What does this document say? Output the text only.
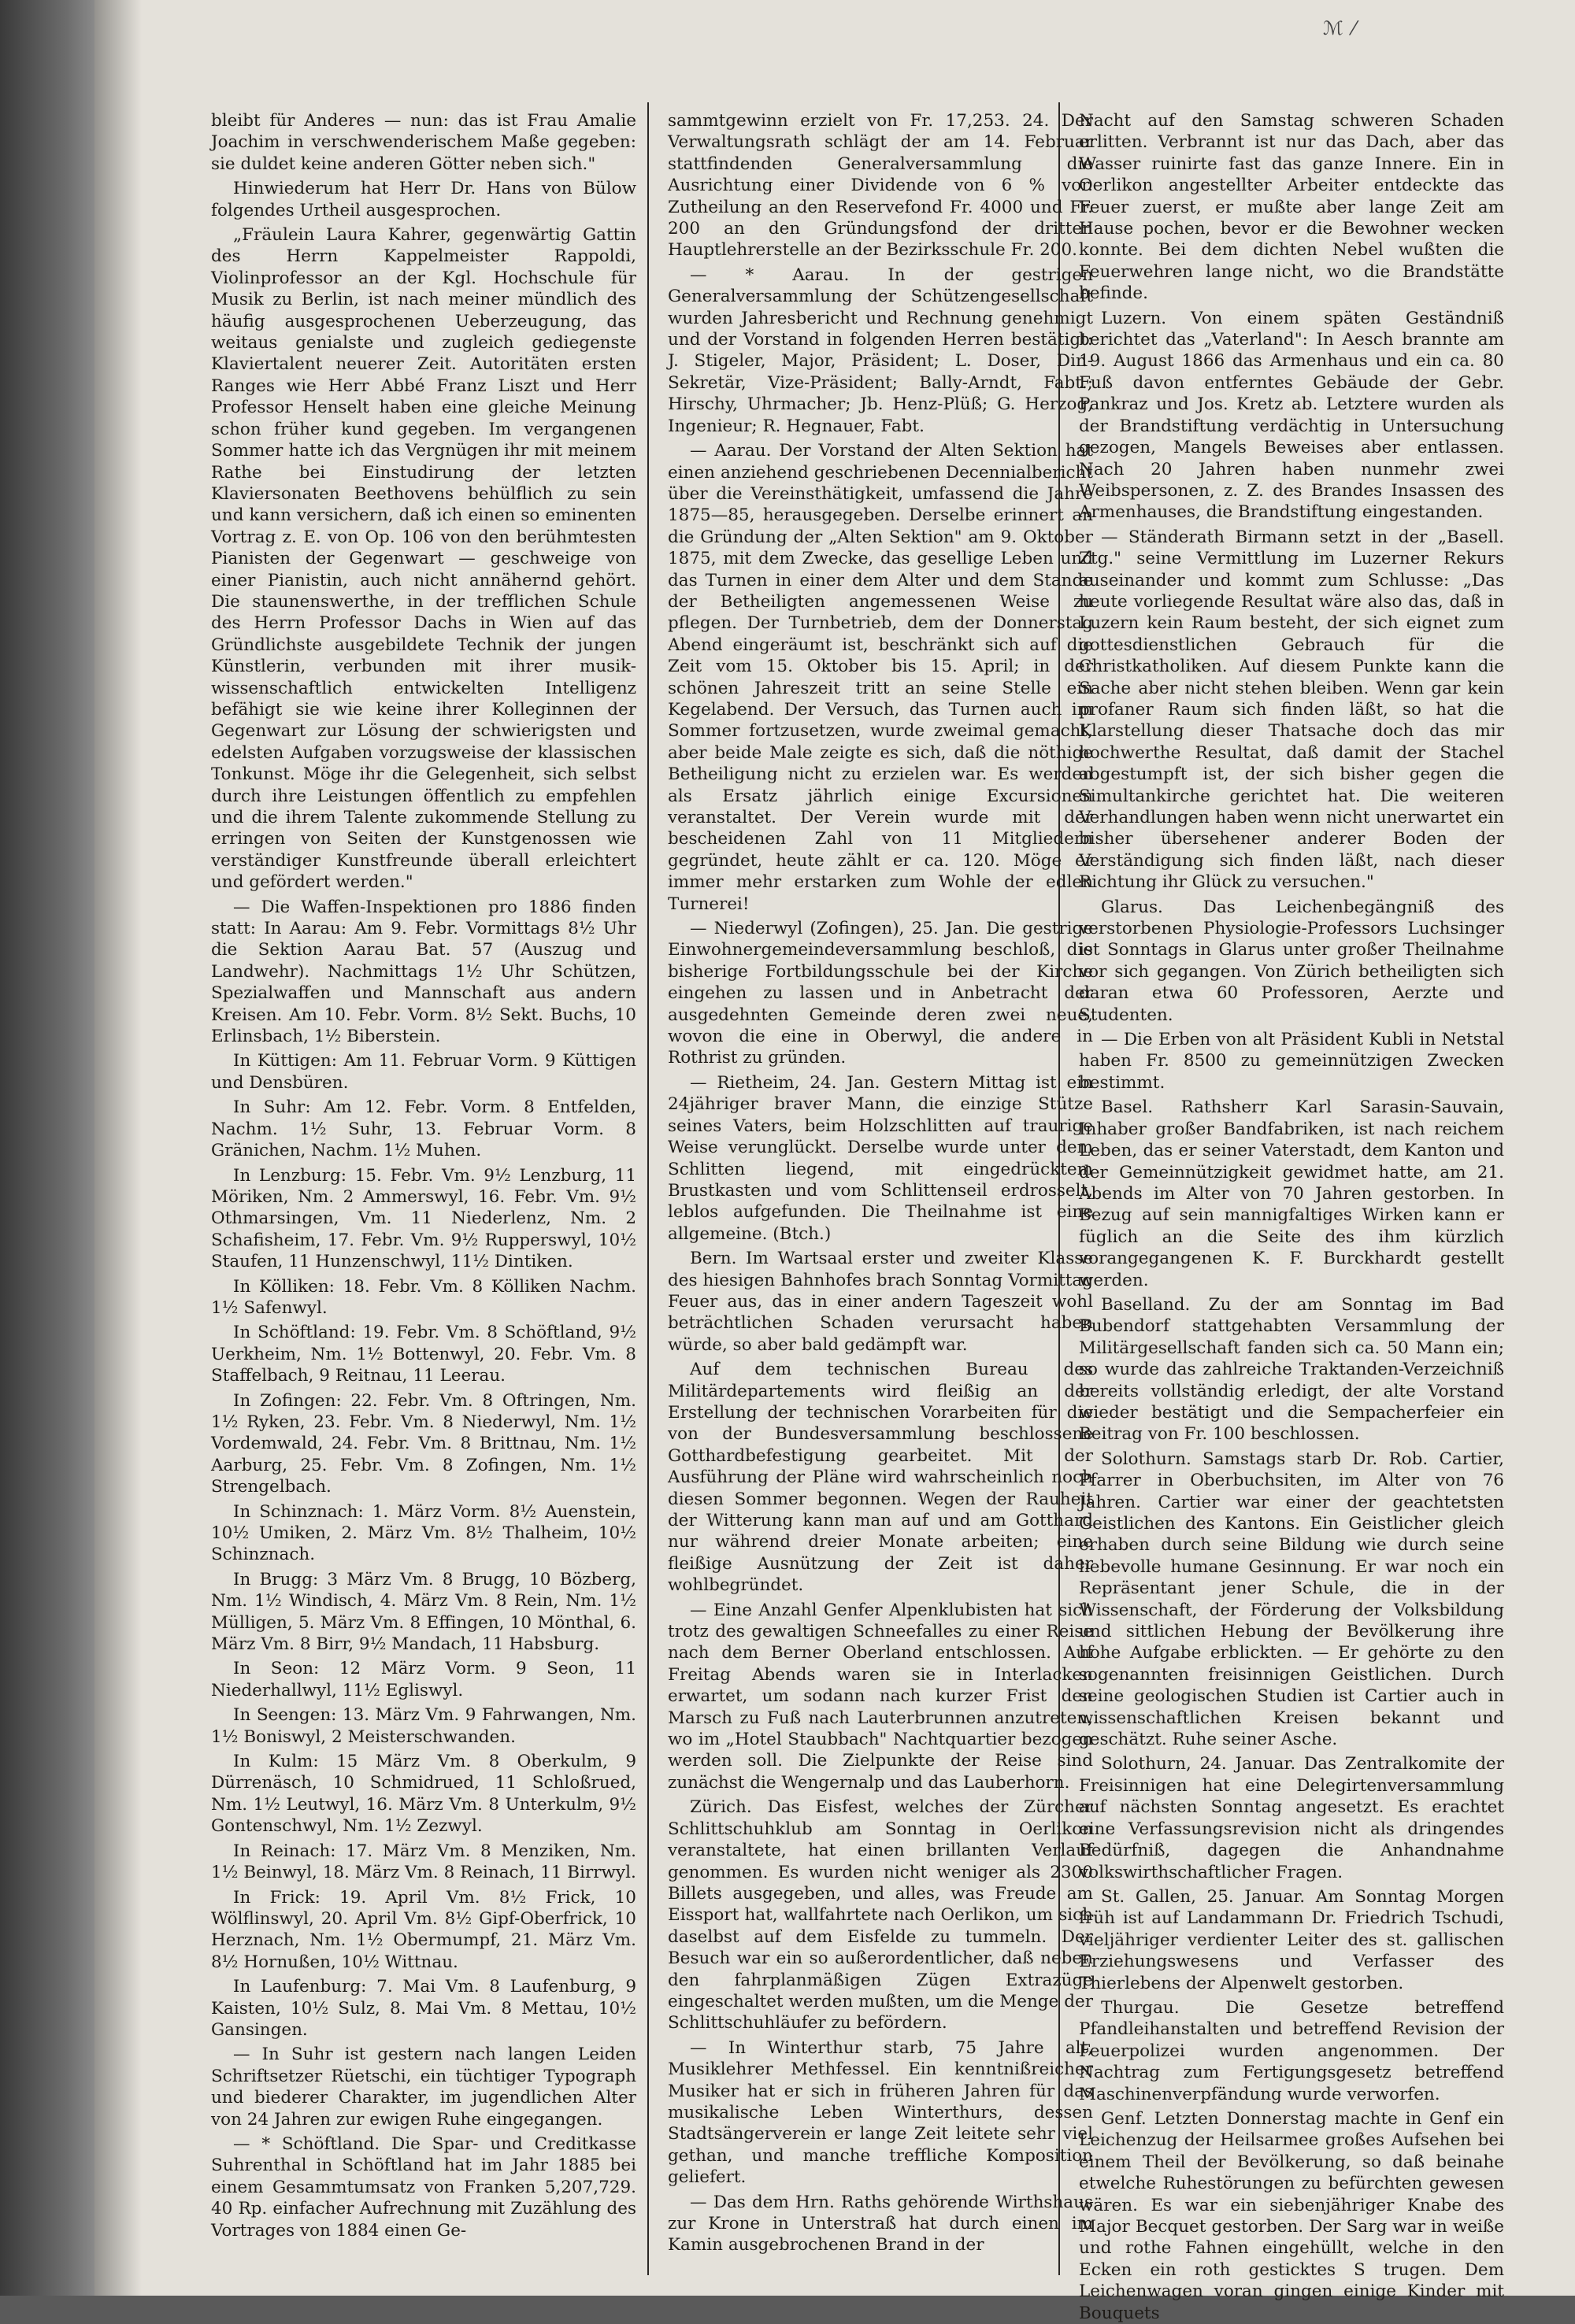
ℳ ⁄

bleibt für Anderes — nun: das ist Frau Amalie Joachim in verschwenderischem Maße gegeben: sie duldet keine anderen Götter neben sich."

Hinwiederum hat Herr Dr. Hans von Bülow folgendes Urtheil ausgesprochen.

„Fräulein Laura Kahrer, gegenwärtig Gattin des Herrn Kappelmeister Rappoldi, Violinprofessor an der Kgl. Hochschule für Musik zu Berlin, ist nach meiner mündlich des häufig ausgesprochenen Ueberzeugung, das weitaus genialste und zugleich gediegenste Klaviertalent neuerer Zeit. Autoritäten ersten Ranges wie Herr Abbé Franz Liszt und Herr Professor Henselt haben eine gleiche Meinung schon früher kund gegeben. Im vergangenen Sommer hatte ich das Vergnügen ihr mit meinem Rathe bei Einstudirung der letzten Klaviersonaten Beethovens behülflich zu sein und kann versichern, daß ich einen so eminenten Vortrag z. E. von Op. 106 von den berühmtesten Pianisten der Gegenwart — geschweige von einer Pianistin, auch nicht annähernd gehört. Die staunenswerthe, in der trefflichen Schule des Herrn Professor Dachs in Wien auf das Gründlichste ausgebildete Technik der jungen Künstlerin, verbunden mit ihrer musik-wissenschaftlich entwickelten Intelligenz befähigt sie wie keine ihrer Kolleginnen der Gegenwart zur Lösung der schwierigsten und edelsten Aufgaben vorzugsweise der klassischen Tonkunst. Möge ihr die Gelegenheit, sich selbst durch ihre Leistungen öffentlich zu empfehlen und die ihrem Talente zukommende Stellung zu erringen von Seiten der Kunstgenossen wie verständiger Kunstfreunde überall erleichtert und gefördert werden."

— Die Waffen-Inspektionen pro 1886 finden statt: In Aarau: Am 9. Febr. Vormittags 8½ Uhr die Sektion Aarau Bat. 57 (Auszug und Landwehr). Nachmittags 1½ Uhr Schützen, Spezialwaffen und Mannschaft aus andern Kreisen. Am 10. Febr. Vorm. 8½ Sekt. Buchs, 10 Erlinsbach, 1½ Biberstein.

In Küttigen: Am 11. Februar Vorm. 9 Küttigen und Densbüren.

In Suhr: Am 12. Febr. Vorm. 8 Entfelden, Nachm. 1½ Suhr, 13. Februar Vorm. 8 Gränichen, Nachm. 1½ Muhen.

In Lenzburg: 15. Febr. Vm. 9½ Lenzburg, 11 Möriken, Nm. 2 Ammerswyl, 16. Febr. Vm. 9½ Othmarsingen, Vm. 11 Niederlenz, Nm. 2 Schafisheim, 17. Febr. Vm. 9½ Rupperswyl, 10½ Staufen, 11 Hunzenschwyl, 11½ Dintiken.

In Kölliken: 18. Febr. Vm. 8 Kölliken Nachm. 1½ Safenwyl.

In Schöftland: 19. Febr. Vm. 8 Schöftland, 9½ Uerkheim, Nm. 1½ Bottenwyl, 20. Febr. Vm. 8 Staffelbach, 9 Reitnau, 11 Leerau.

In Zofingen: 22. Febr. Vm. 8 Oftringen, Nm. 1½ Ryken, 23. Febr. Vm. 8 Niederwyl, Nm. 1½ Vordemwald, 24. Febr. Vm. 8 Brittnau, Nm. 1½ Aarburg, 25. Febr. Vm. 8 Zofingen, Nm. 1½ Strengelbach.

In Schinznach: 1. März Vorm. 8½ Auenstein, 10½ Umiken, 2. März Vm. 8½ Thalheim, 10½ Schinznach.

In Brugg: 3 März Vm. 8 Brugg, 10 Bözberg, Nm. 1½ Windisch, 4. März Vm. 8 Rein, Nm. 1½ Mülligen, 5. März Vm. 8 Effingen, 10 Mönthal, 6. März Vm. 8 Birr, 9½ Mandach, 11 Habsburg.

In Seon: 12 März Vorm. 9 Seon, 11 Niederhallwyl, 11½ Egliswyl.

In Seengen: 13. März Vm. 9 Fahrwangen, Nm. 1½ Boniswyl, 2 Meisterschwanden.

In Kulm: 15 März Vm. 8 Oberkulm, 9 Dürrenäsch, 10 Schmidrued, 11 Schloßrued, Nm. 1½ Leutwyl, 16. März Vm. 8 Unterkulm, 9½ Gontenschwyl, Nm. 1½ Zezwyl.

In Reinach: 17. März Vm. 8 Menziken, Nm. 1½ Beinwyl, 18. März Vm. 8 Reinach, 11 Birrwyl.

In Frick: 19. April Vm. 8½ Frick, 10 Wölflinswyl, 20. April Vm. 8½ Gipf-Oberfrick, 10 Herznach, Nm. 1½ Obermumpf, 21. März Vm. 8½ Hornußen, 10½ Wittnau.

In Laufenburg: 7. Mai Vm. 8 Laufenburg, 9 Kaisten, 10½ Sulz, 8. Mai Vm. 8 Mettau, 10½ Gansingen.

— In Suhr ist gestern nach langen Leiden Schriftsetzer Rüetschi, ein tüchtiger Typograph und biederer Charakter, im jugendlichen Alter von 24 Jahren zur ewigen Ruhe eingegangen.

— * Schöftland. Die Spar- und Creditkasse Suhrenthal in Schöftland hat im Jahr 1885 bei einem Gesammtumsatz von Franken 5,207,729. 40 Rp. einfacher Aufrechnung mit Zuzählung des Vortrages von 1884 einen Ge-

sammtgewinn erzielt von Fr. 17,253. 24. Der Verwaltungsrath schlägt der am 14. Februar stattfindenden Generalversammlung die Ausrichtung einer Dividende von 6 % vor. Zutheilung an den Reservefond Fr. 4000 und Fr. 200 an den Gründungsfond der dritten Hauptlehrerstelle an der Bezirksschule Fr. 200.

— * Aarau. In der gestrigen Generalversammlung der Schützengesellschaft wurden Jahresbericht und Rechnung genehmigt und der Vorstand in folgenden Herren bestätigt: J. Stigeler, Major, Präsident; L. Doser, Dir.-Sekretär, Vize-Präsident; Bally-Arndt, Fabt.; Hirschy, Uhrmacher; Jb. Henz-Plüß; G. Herzog, Ingenieur; R. Hegnauer, Fabt.

— Aarau. Der Vorstand der Alten Sektion hat einen anziehend geschriebenen Decennialbericht über die Vereinsthätigkeit, umfassend die Jahre 1875—85, herausgegeben. Derselbe erinnert an die Gründung der „Alten Sektion" am 9. Oktober 1875, mit dem Zwecke, das gesellige Leben und das Turnen in einer dem Alter und dem Stande der Betheiligten angemessenen Weise zu pflegen. Der Turnbetrieb, dem der Donnerstag Abend eingeräumt ist, beschränkt sich auf die Zeit vom 15. Oktober bis 15. April; in der schönen Jahreszeit tritt an seine Stelle ein Kegelabend. Der Versuch, das Turnen auch im Sommer fortzusetzen, wurde zweimal gemacht, aber beide Male zeigte es sich, daß die nöthige Betheiligung nicht zu erzielen war. Es werden als Ersatz jährlich einige Excursionen veranstaltet. Der Verein wurde mit der bescheidenen Zahl von 11 Mitgliedern gegründet, heute zählt er ca. 120. Möge er immer mehr erstarken zum Wohle der edlen Turnerei!

— Niederwyl (Zofingen), 25. Jan. Die gestrige Einwohnergemeindeversammlung beschloß, die bisherige Fortbildungsschule bei der Kirche eingehen zu lassen und in Anbetracht der ausgedehnten Gemeinde deren zwei neue, wovon die eine in Oberwyl, die andere in Rothrist zu gründen.

— Rietheim, 24. Jan. Gestern Mittag ist ein 24jähriger braver Mann, die einzige Stütze seines Vaters, beim Holzschlitten auf traurige Weise verunglückt. Derselbe wurde unter dem Schlitten liegend, mit eingedrücktem Brustkasten und vom Schlittenseil erdrosselt, leblos aufgefunden. Die Theilnahme ist eine allgemeine. (Btch.)

Bern. Im Wartsaal erster und zweiter Klasse des hiesigen Bahnhofes brach Sonntag Vormittag Feuer aus, das in einer andern Tageszeit wohl beträchtlichen Schaden verursacht haben würde, so aber bald gedämpft war.

Auf dem technischen Bureau des Militärdepartements wird fleißig an der Erstellung der technischen Vorarbeiten für die von der Bundesversammlung beschlossene Gotthardbefestigung gearbeitet. Mit der Ausführung der Pläne wird wahrscheinlich noch diesen Sommer begonnen. Wegen der Rauheit der Witterung kann man auf und am Gotthard nur während dreier Monate arbeiten; eine fleißige Ausnützung der Zeit ist daher wohlbegründet.

— Eine Anzahl Genfer Alpenklubisten hat sich trotz des gewaltigen Schneefalles zu einer Reise nach dem Berner Oberland entschlossen. Auf Freitag Abends waren sie in Interlacken erwartet, um sodann nach kurzer Frist den Marsch zu Fuß nach Lauterbrunnen anzutreten, wo im „Hotel Staubbach" Nachtquartier bezogen werden soll. Die Zielpunkte der Reise sind zunächst die Wengernalp und das Lauberhorn.

Zürich. Das Eisfest, welches der Zürcher Schlittschuhklub am Sonntag in Oerlikon veranstaltete, hat einen brillanten Verlauf genommen. Es wurden nicht weniger als 2300 Billets ausgegeben, und alles, was Freude am Eissport hat, wallfahrtete nach Oerlikon, um sich daselbst auf dem Eisfelde zu tummeln. Der Besuch war ein so außerordentlicher, daß neben den fahrplanmäßigen Zügen Extrazüge eingeschaltet werden mußten, um die Menge der Schlittschuhläufer zu befördern.

— In Winterthur starb, 75 Jahre alt, Musiklehrer Methfessel. Ein kenntnißreicher Musiker hat er sich in früheren Jahren für das musikalische Leben Winterthurs, dessen Stadtsängerverein er lange Zeit leitete sehr viel gethan, und manche treffliche Komposition geliefert.

— Das dem Hrn. Raths gehörende Wirthshaus zur Krone in Unterstraß hat durch einen im Kamin ausgebrochenen Brand in der

Nacht auf den Samstag schweren Schaden erlitten. Verbrannt ist nur das Dach, aber das Wasser ruinirte fast das ganze Innere. Ein in Oerlikon angestellter Arbeiter entdeckte das Feuer zuerst, er mußte aber lange Zeit am Hause pochen, bevor er die Bewohner wecken konnte. Bei dem dichten Nebel wußten die Feuerwehren lange nicht, wo die Brandstätte befinde.

Luzern. Von einem späten Geständniß berichtet das „Vaterland": In Aesch brannte am 19. August 1866 das Armenhaus und ein ca. 80 Fuß davon entferntes Gebäude der Gebr. Pankraz und Jos. Kretz ab. Letztere wurden als der Brandstiftung verdächtig in Untersuchung gezogen, Mangels Beweises aber entlassen. Nach 20 Jahren haben nunmehr zwei Weibspersonen, z. Z. des Brandes Insassen des Armenhauses, die Brandstiftung eingestanden.

— Ständerath Birmann setzt in der „Basell. Ztg." seine Vermittlung im Luzerner Rekurs auseinander und kommt zum Schlusse: „Das heute vorliegende Resultat wäre also das, daß in Luzern kein Raum besteht, der sich eignet zum gottesdienstlichen Gebrauch für die Christkatholiken. Auf diesem Punkte kann die Sache aber nicht stehen bleiben. Wenn gar kein profaner Raum sich finden läßt, so hat die Klarstellung dieser Thatsache doch das mir hochwerthe Resultat, daß damit der Stachel abgestumpft ist, der sich bisher gegen die Simultankirche gerichtet hat. Die weiteren Verhandlungen haben wenn nicht unerwartet ein bisher übersehener anderer Boden der Verständigung sich finden läßt, nach dieser Richtung ihr Glück zu versuchen."

Glarus. Das Leichenbegängniß des verstorbenen Physiologie-Professors Luchsinger ist Sonntags in Glarus unter großer Theilnahme vor sich gegangen. Von Zürich betheiligten sich daran etwa 60 Professoren, Aerzte und Studenten.

— Die Erben von alt Präsident Kubli in Netstal haben Fr. 8500 zu gemeinnützigen Zwecken bestimmt.

Basel. Rathsherr Karl Sarasin-Sauvain, Inhaber großer Bandfabriken, ist nach reichem Leben, das er seiner Vaterstadt, dem Kanton und der Gemeinnützigkeit gewidmet hatte, am 21. Abends im Alter von 70 Jahren gestorben. In Bezug auf sein mannigfaltiges Wirken kann er füglich an die Seite des ihm kürzlich vorangegangenen K. F. Burckhardt gestellt werden.

Baselland. Zu der am Sonntag im Bad Bubendorf stattgehabten Versammlung der Militärgesellschaft fanden sich ca. 50 Mann ein; so wurde das zahlreiche Traktanden-Verzeichniß bereits vollständig erledigt, der alte Vorstand wieder bestätigt und die Sempacherfeier ein Beitrag von Fr. 100 beschlossen.

Solothurn. Samstags starb Dr. Rob. Cartier, Pfarrer in Oberbuchsiten, im Alter von 76 Jahren. Cartier war einer der geachtetsten Geistlichen des Kantons. Ein Geistlicher gleich erhaben durch seine Bildung wie durch seine liebevolle humane Gesinnung. Er war noch ein Repräsentant jener Schule, die in der Wissenschaft, der Förderung der Volksbildung und sittlichen Hebung der Bevölkerung ihre hohe Aufgabe erblickten. — Er gehörte zu den sogenannten freisinnigen Geistlichen. Durch seine geologischen Studien ist Cartier auch in wissenschaftlichen Kreisen bekannt und geschätzt. Ruhe seiner Asche.

Solothurn, 24. Januar. Das Zentralkomite der Freisinnigen hat eine Delegirtenversammlung auf nächsten Sonntag angesetzt. Es erachtet eine Verfassungsrevision nicht als dringendes Bedürfniß, dagegen die Anhandnahme volkswirthschaftlicher Fragen.

St. Gallen, 25. Januar. Am Sonntag Morgen früh ist auf Landammann Dr. Friedrich Tschudi, vieljähriger verdienter Leiter des st. gallischen Erziehungswesens und Verfasser des Thierlebens der Alpenwelt gestorben.

Thurgau. Die Gesetze betreffend Pfandleihanstalten und betreffend Revision der Feuerpolizei wurden angenommen. Der Nachtrag zum Fertigungsgesetz betreffend Maschinenverpfändung wurde verworfen.

Genf. Letzten Donnerstag machte in Genf ein Leichenzug der Heilsarmee großes Aufsehen bei einem Theil der Bevölkerung, so daß beinahe etwelche Ruhestörungen zu befürchten gewesen wären. Es war ein siebenjähriger Knabe des Major Becquet gestorben. Der Sarg war in weiße und rothe Fahnen eingehüllt, welche in den Ecken ein roth gesticktes S trugen. Dem Leichenwagen voran gingen einige Kinder mit Bouquets
